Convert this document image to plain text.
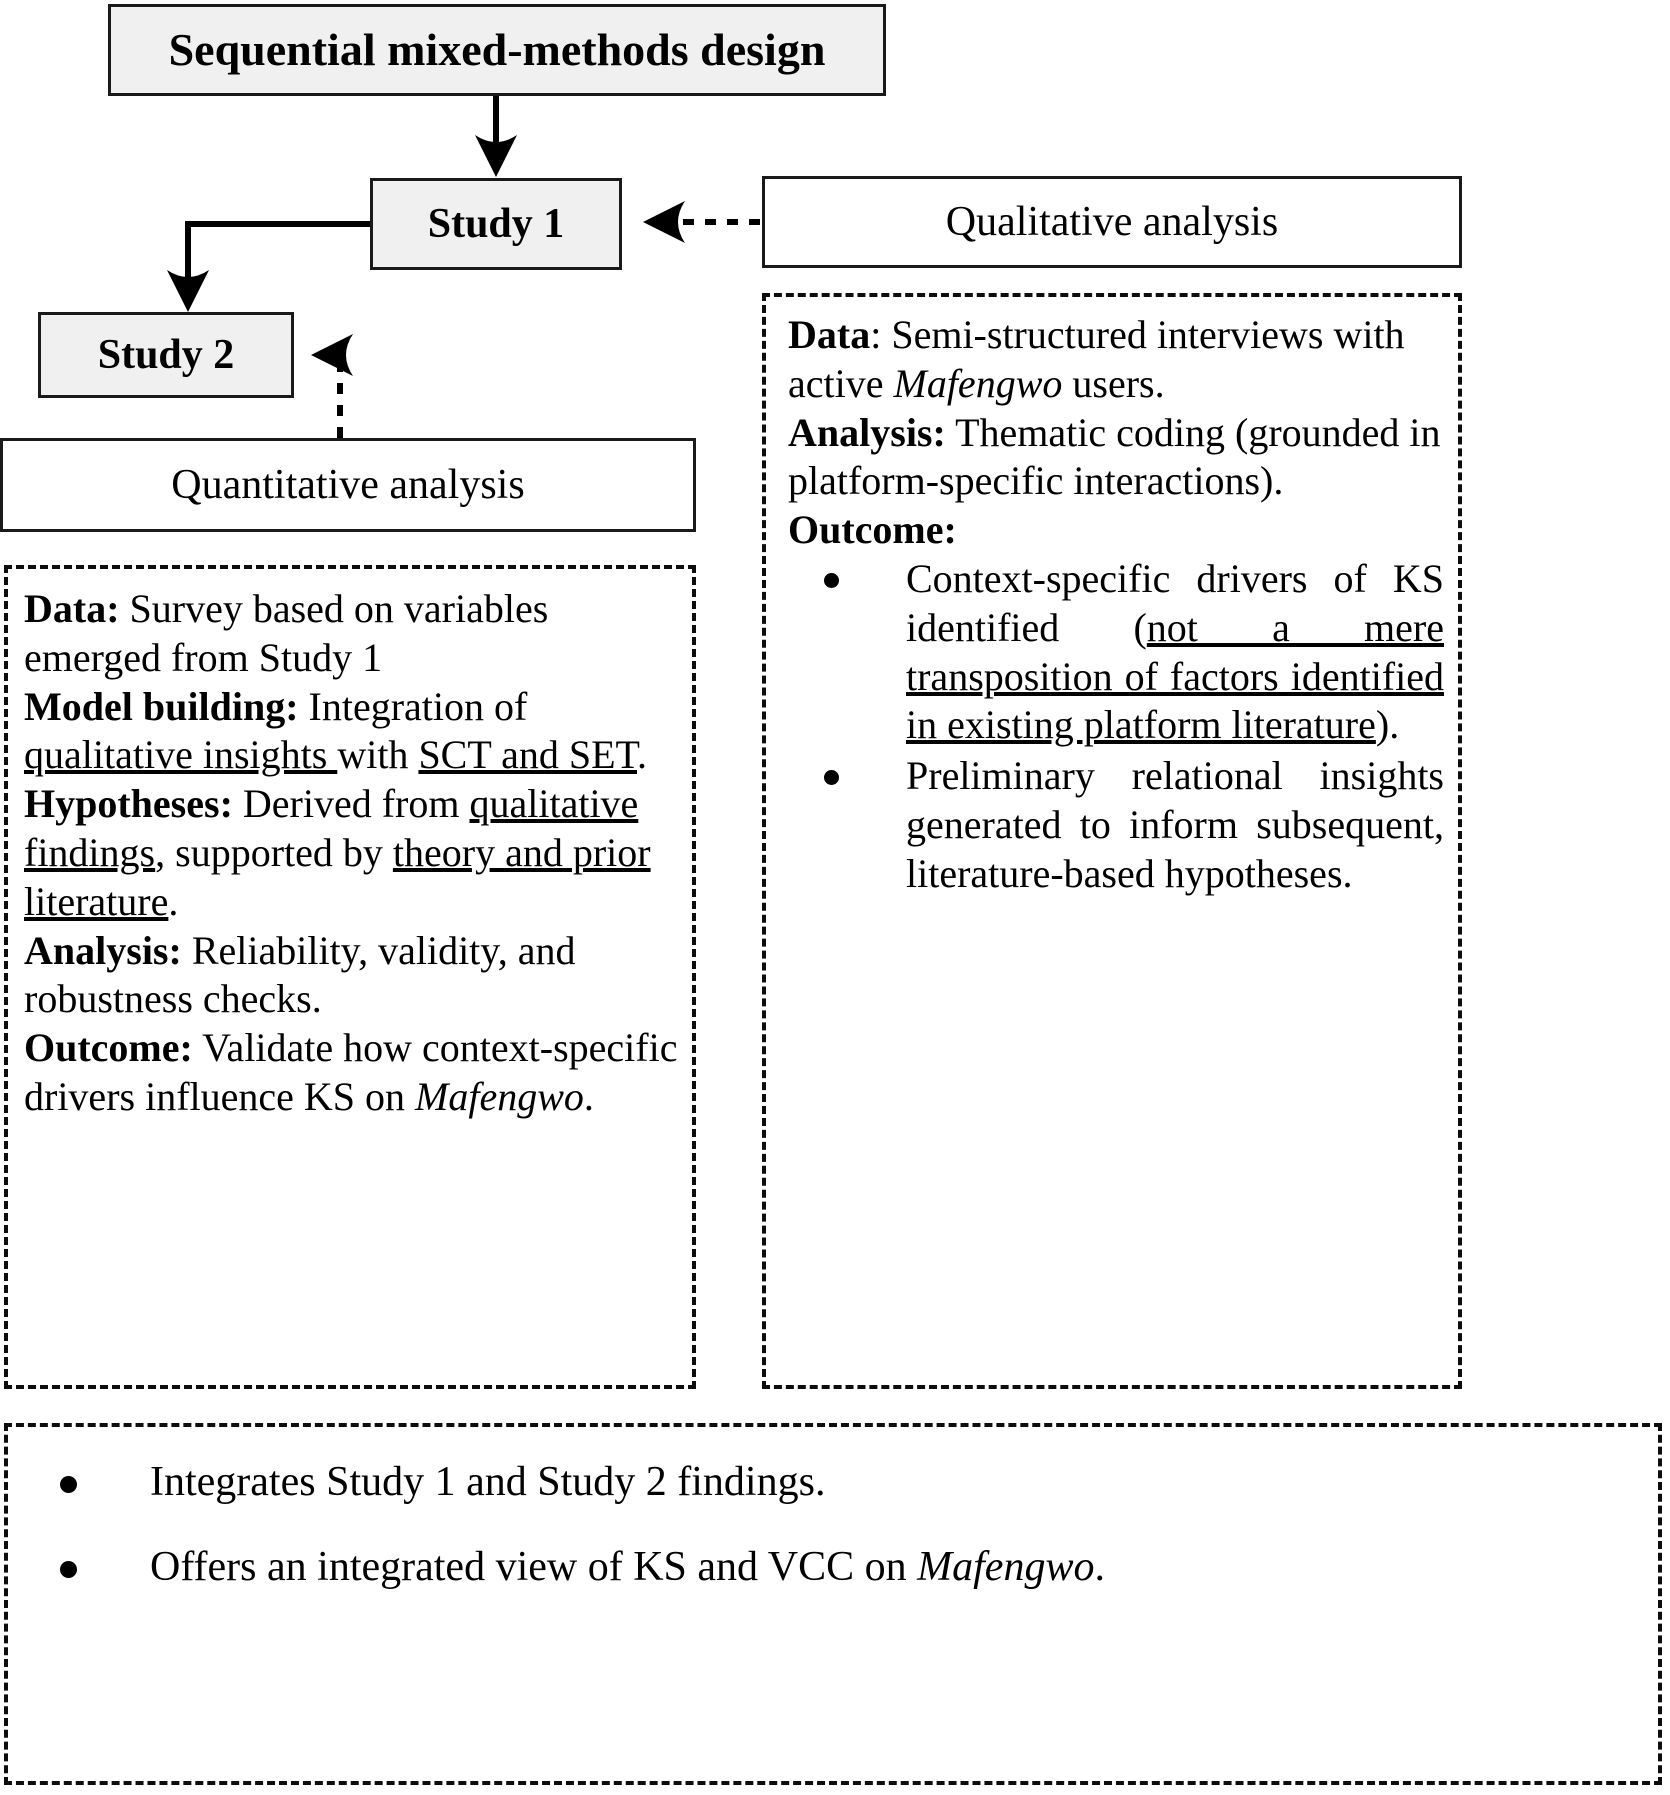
Sequential mixed-methods design
Study 1
Study 2
Qualitative analysis
Quantitative analysis

Data: Survey based on variables emerged from Study 1

Model building: Integration of qualitative insights with SCT and SET.

Hypotheses: Derived from qualitative findings, supported by theory and prior literature.

Analysis: Reliability, validity, and robustness checks.

Outcome: Validate how context-specific drivers influence KS on Mafengwo.

Data: Semi-structured interviews with active Mafengwo users.

Analysis: Thematic coding (grounded in platform-specific interactions).

Outcome:

Context-specific drivers of KS identified (not a mere transposition of factors identified in existing platform literature).
Preliminary relational insights generated to inform subsequent, literature-based hypotheses.
Integrates Study 1 and Study 2 findings.
Offers an integrated view of KS and VCC on Mafengwo.
